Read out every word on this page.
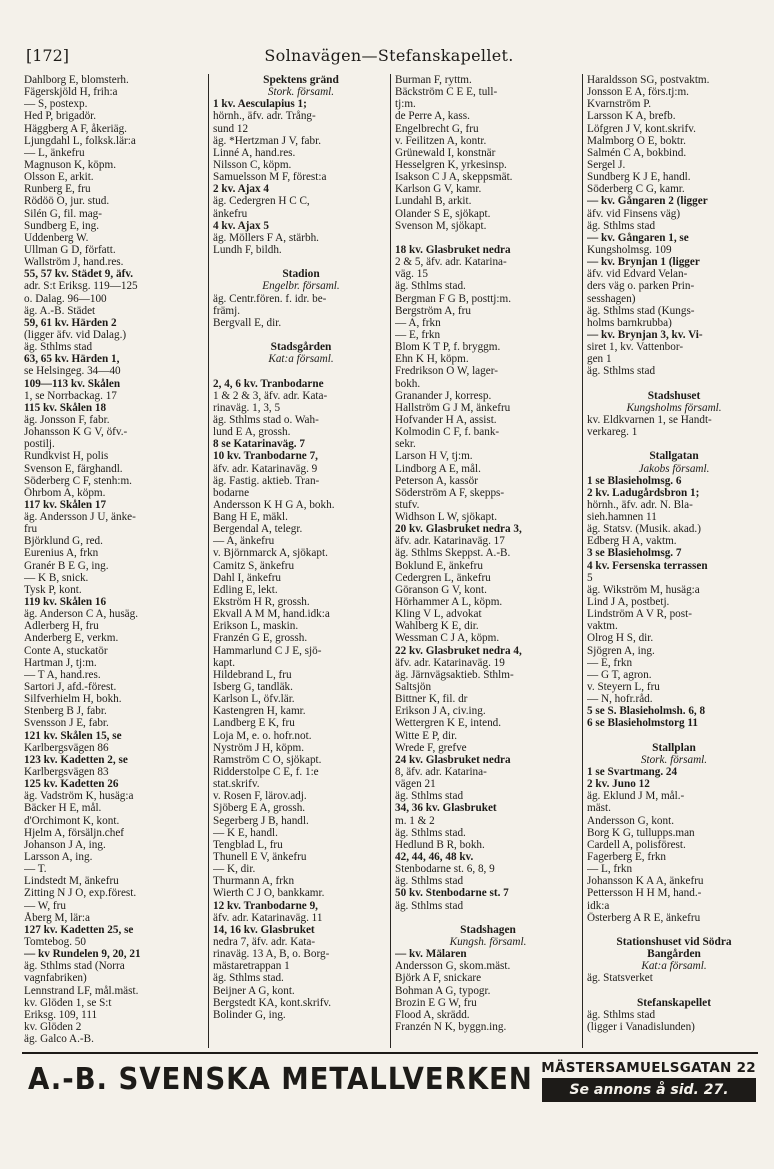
[172]	Solnavägen—Stefanskapellet.
Dahlborg E, blomsterh.
Fägerskjöld H, frih:a
— S, postexp.
Hed P, brigadör.
Häggberg A F, åkeriäg.
Ljungdahl L, folksk.lär:a
— L, änkefru
Magnuson K, köpm.
Olsson E, arkit.
Runberg E, fru
Rödöö O, jur. stud.
Silén G, fil. mag-
Sundberg E, ing.
Uddenberg W.
Ullman G D, författ.
Wallström J, hand.res.
55, 57 kv. Städet 9, äfv.
adr. S:t Eriksg. 119—125
o. Dalag. 96—100
äg. A.-B. Städet
59, 61 kv. Härden 2
(ligger äfv. vid Dalag.)
äg. Sthlms stad
63, 65 kv. Härden 1,
se Helsingeg. 34—40
109—113 kv. Skålen
1, se Norrbackag. 17
115 kv. Skålen 18
äg. Jonsson F, fabr.
Johansson K G V, öfv.-
postilj.
Rundkvist H, polis
Svenson E, färghandl.
Söderberg C F, stenh:m.
Öhrbom A, köpm.
117 kv. Skålen 17
äg. Andersson J U, änke-
fru
Björklund G, red.
Eurenius A, frkn
Granér B E G, ing.
— K B, snick.
Tysk P, kont.
119 kv. Skålen 16
äg. Anderson C A, husäg.
Adlerberg H, fru
Anderberg E, verkm.
Conte A, stuckatör
Hartman J, tj:m.
— T A, hand.res.
Sartori J, afd.-förest.
Silfverhielm H, bokh.
Stenberg B J, fabr.
Svensson J E, fabr.
121 kv. Skålen 15, se
Karlbergsvägen 86
123 kv. Kadetten 2, se
Karlbergsvägen 83
125 kv. Kadetten 26
äg. Vadström K, husäg:a
Bäcker H E, mål.
d'Orchimont K, kont.
Hjelm A, försäljn.chef
Johanson J A, ing.
Larsson A, ing.
— T.
Lindstedt M, änkefru
Zitting N J O, exp.förest.
— W, fru
Åberg M, lär:a
127 kv. Kadetten 25, se
Tomtebog. 50
— kv Rundelen 9, 20, 21
äg. Sthlms stad (Norra
vagnfabriken)
Lennstrand LF, mål.mäst.
kv. Glöden 1, se S:t
Eriksg. 109, 111
kv. Glöden 2
äg. Galco A.-B.
Spektens gränd
Stork. församl.
1 kv. Aesculapius 1;
hörnh., äfv. adr. Trång-
sund 12
äg. *Hertzman J V, fabr.
Linné A, hand.res.
Nilsson C, köpm.
Samuelsson M F, förest:a
2 kv. Ajax 4
äg. Cedergren H C C,
änkefru
4 kv. Ajax 5
äg. Möllers F A, stärbh.
Lundh F, bildh.
Stadion
Engelbr. församl.
äg. Centr.fören. f. idr. be-
främj.
Bergvall E, dir.
Stadsgården
Kat:a församl.
2, 4, 6 kv. Tranbodarne
1 & 2 & 3, äfv. adr. Kata-
rinaväg. 1, 3, 5
äg. Sthlms stad o. Wah-
lund E A, grossh.
8 se Katarinaväg. 7
10 kv. Tranbodarne 7,
äfv. adr. Katarinaväg. 9
äg. Fastig. aktieb. Tran-
bodarne
Andersson K H G A, bokh.
Bang H E, mäkl.
Bergendal A, telegr.
— A, änkefru
v. Björnmarck A, sjökapt.
Camitz S, änkefru
Dahl I, änkefru
Edling E, lekt.
Ekström H R, grossh.
Ekvall A M M, hand.idk:a
Erikson L, maskin.
Franzén G E, grossh.
Hammarlund C J E, sjö-
kapt.
Hildebrand L, fru
Isberg G, tandläk.
Karlson L, öfv.lär.
Kastengren H, kamr.
Landberg E K, fru
Loja M, e. o. hofr.not.
Nyström J H, köpm.
Ramström C O, sjökapt.
Ridderstolpe C E, f. 1:e
stat.skrifv.
v. Rosen F, lärov.adj.
Sjöberg E A, grossh.
Segerberg J B, handl.
— K E, handl.
Tengblad L, fru
Thunell E V, änkefru
— K, dir.
Thurmann A, frkn
Wierth C J O, bankkamr.
12 kv. Tranbodarne 9,
äfv. adr. Katarinaväg. 11
14, 16 kv. Glasbruket
nedra 7, äfv. adr. Kata-
rinaväg. 13 A, B, o. Borg-
mästaretrappan 1
äg. Sthlms stad.
Beijner A G, kont.
Bergstedt KA, kont.skrifv.
Bolinder G, ing.
Burman F, ryttm.
Bäckström C E E, tull-
tj:m.
de Perre A, kass.
Engelbrecht G, fru
v. Feilitzen A, kontr.
Grünewald I, konstnär
Hesselgren K, yrkesinsp.
Isakson C J A, skeppsmät.
Karlson G V, kamr.
Lundahl B, arkit.
Olander S E, sjökapt.
Svenson M, sjökapt.
18 kv. Glasbruket nedra
2 & 5, äfv. adr. Katarina-
väg. 15
äg. Sthlms stad.
Bergman F G B, posttj:m.
Bergström A, fru
— A, frkn
— E, frkn
Blom K T P, f. bryggm.
Ehn K H, köpm.
Fredrikson O W, lager-
bokh.
Granander J, korresp.
Hallström G J M, änkefru
Hofvander H A, assist.
Kolmodin C F, f. bank-
sekr.
Larson H V, tj:m.
Lindborg A E, mål.
Peterson A, kassör
Söderström A F, skepps-
stufv.
Widhson L W, sjökapt.
20 kv. Glasbruket nedra 3,
äfv. adr. Katarinaväg. 17
äg. Sthlms Skeppst. A.-B.
Boklund E, änkefru
Cedergren L, änkefru
Göranson G V, kont.
Hörhammer A L, köpm.
Kling V L, advokat
Wahlberg K E, dir.
Wessman C J A, köpm.
22 kv. Glasbruket nedra 4,
äfv. adr. Katarinaväg. 19
äg. Järnvägsaktieb. Sthlm-
Saltsjön
Bittner K, fil. dr
Erikson J A, civ.ing.
Wettergren K E, intend.
Witte E P, dir.
Wrede F, grefve
24 kv. Glasbruket nedra
8, äfv. adr. Katarina-
vägen 21
äg. Sthlms stad
34, 36 kv. Glasbruket
m. 1 & 2
äg. Sthlms stad.
Hedlund B R, bokh.
42, 44, 46, 48 kv.
Stenbodarne st. 6, 8, 9
äg. Sthlms stad
50 kv. Stenbodarne st. 7
äg. Sthlms stad
Stadshagen
Kungsh. församl.
— kv. Mälaren
Andersson G, skom.mäst.
Björk A F, snickare
Bohman A G, typogr.
Brozin E G W, fru
Flood A, skrädd.
Franzén N K, byggn.ing.
Haraldsson SG, postvaktm.
Jonsson E A, förs.tj:m.
Kvarnström P.
Larsson K A, brefb.
Löfgren J V, kont.skrifv.
Malmborg O E, boktr.
Salmén C A, bokbind.
Sergel J.
Sundberg K J E, handl.
Söderberg C G, kamr.
— kv. Gångaren 2 (ligger
äfv. vid Finsens väg)
äg. Sthlms stad
— kv. Gångaren 1, se
Kungsholmsg. 109
— kv. Brynjan 1 (ligger
äfv. vid Edvard Velan-
ders väg o. parken Prin-
sesshagen)
äg. Sthlms stad (Kungs-
holms barnkrubba)
— kv. Brynjan 3, kv. Vi-
siret 1, kv. Vattenbor-
gen 1
äg. Sthlms stad
Stadshuset
Kungsholms församl.
kv. Eldkvarnen 1, se Handt-
verkareg. 1
Stallgatan
Jakobs församl.
1 se Blasieholmsg. 6
2 kv. Ladugårdsbron 1;
hörnh., äfv. adr. N. Bla-
sieh.hamnen 11
äg. Statsv. (Musik. akad.)
Edberg H A, vaktm.
3 se Blasieholmsg. 7
4 kv. Fersenska terrassen
5
äg. Wikström M, husäg:a
Lind J A, postbetj.
Lindström A V R, post-
vaktm.
Olrog H S, dir.
Sjögren A, ing.
— E, frkn
— G T, agron.
v. Steyern L, fru
— N, hofr.råd.
5 se S. Blasieholmsh. 6, 8
6 se Blasieholmstorg 11
Stallplan
Stork. församl.
1 se Svartmang. 24
2 kv. Juno 12
äg. Eklund J M, mål.-
mäst.
Andersson G, kont.
Borg K G, tullupps.man
Cardell A, polisförest.
Fagerberg E, frkn
— L, frkn
Johansson K A A, änkefru
Pettersson H H M, hand.-
idk:a
Österberg A R E, änkefru
Stationshuset vid Södra
Bangården
Kat:a församl.
äg. Statsverket
Stefanskapellet
äg. Sthlms stad
(ligger i Vanadislunden)
A.-B. SVENSKA METALLVERKEN MÄSTERSAMUELSGATAN 22
Se annons å sid. 27.
